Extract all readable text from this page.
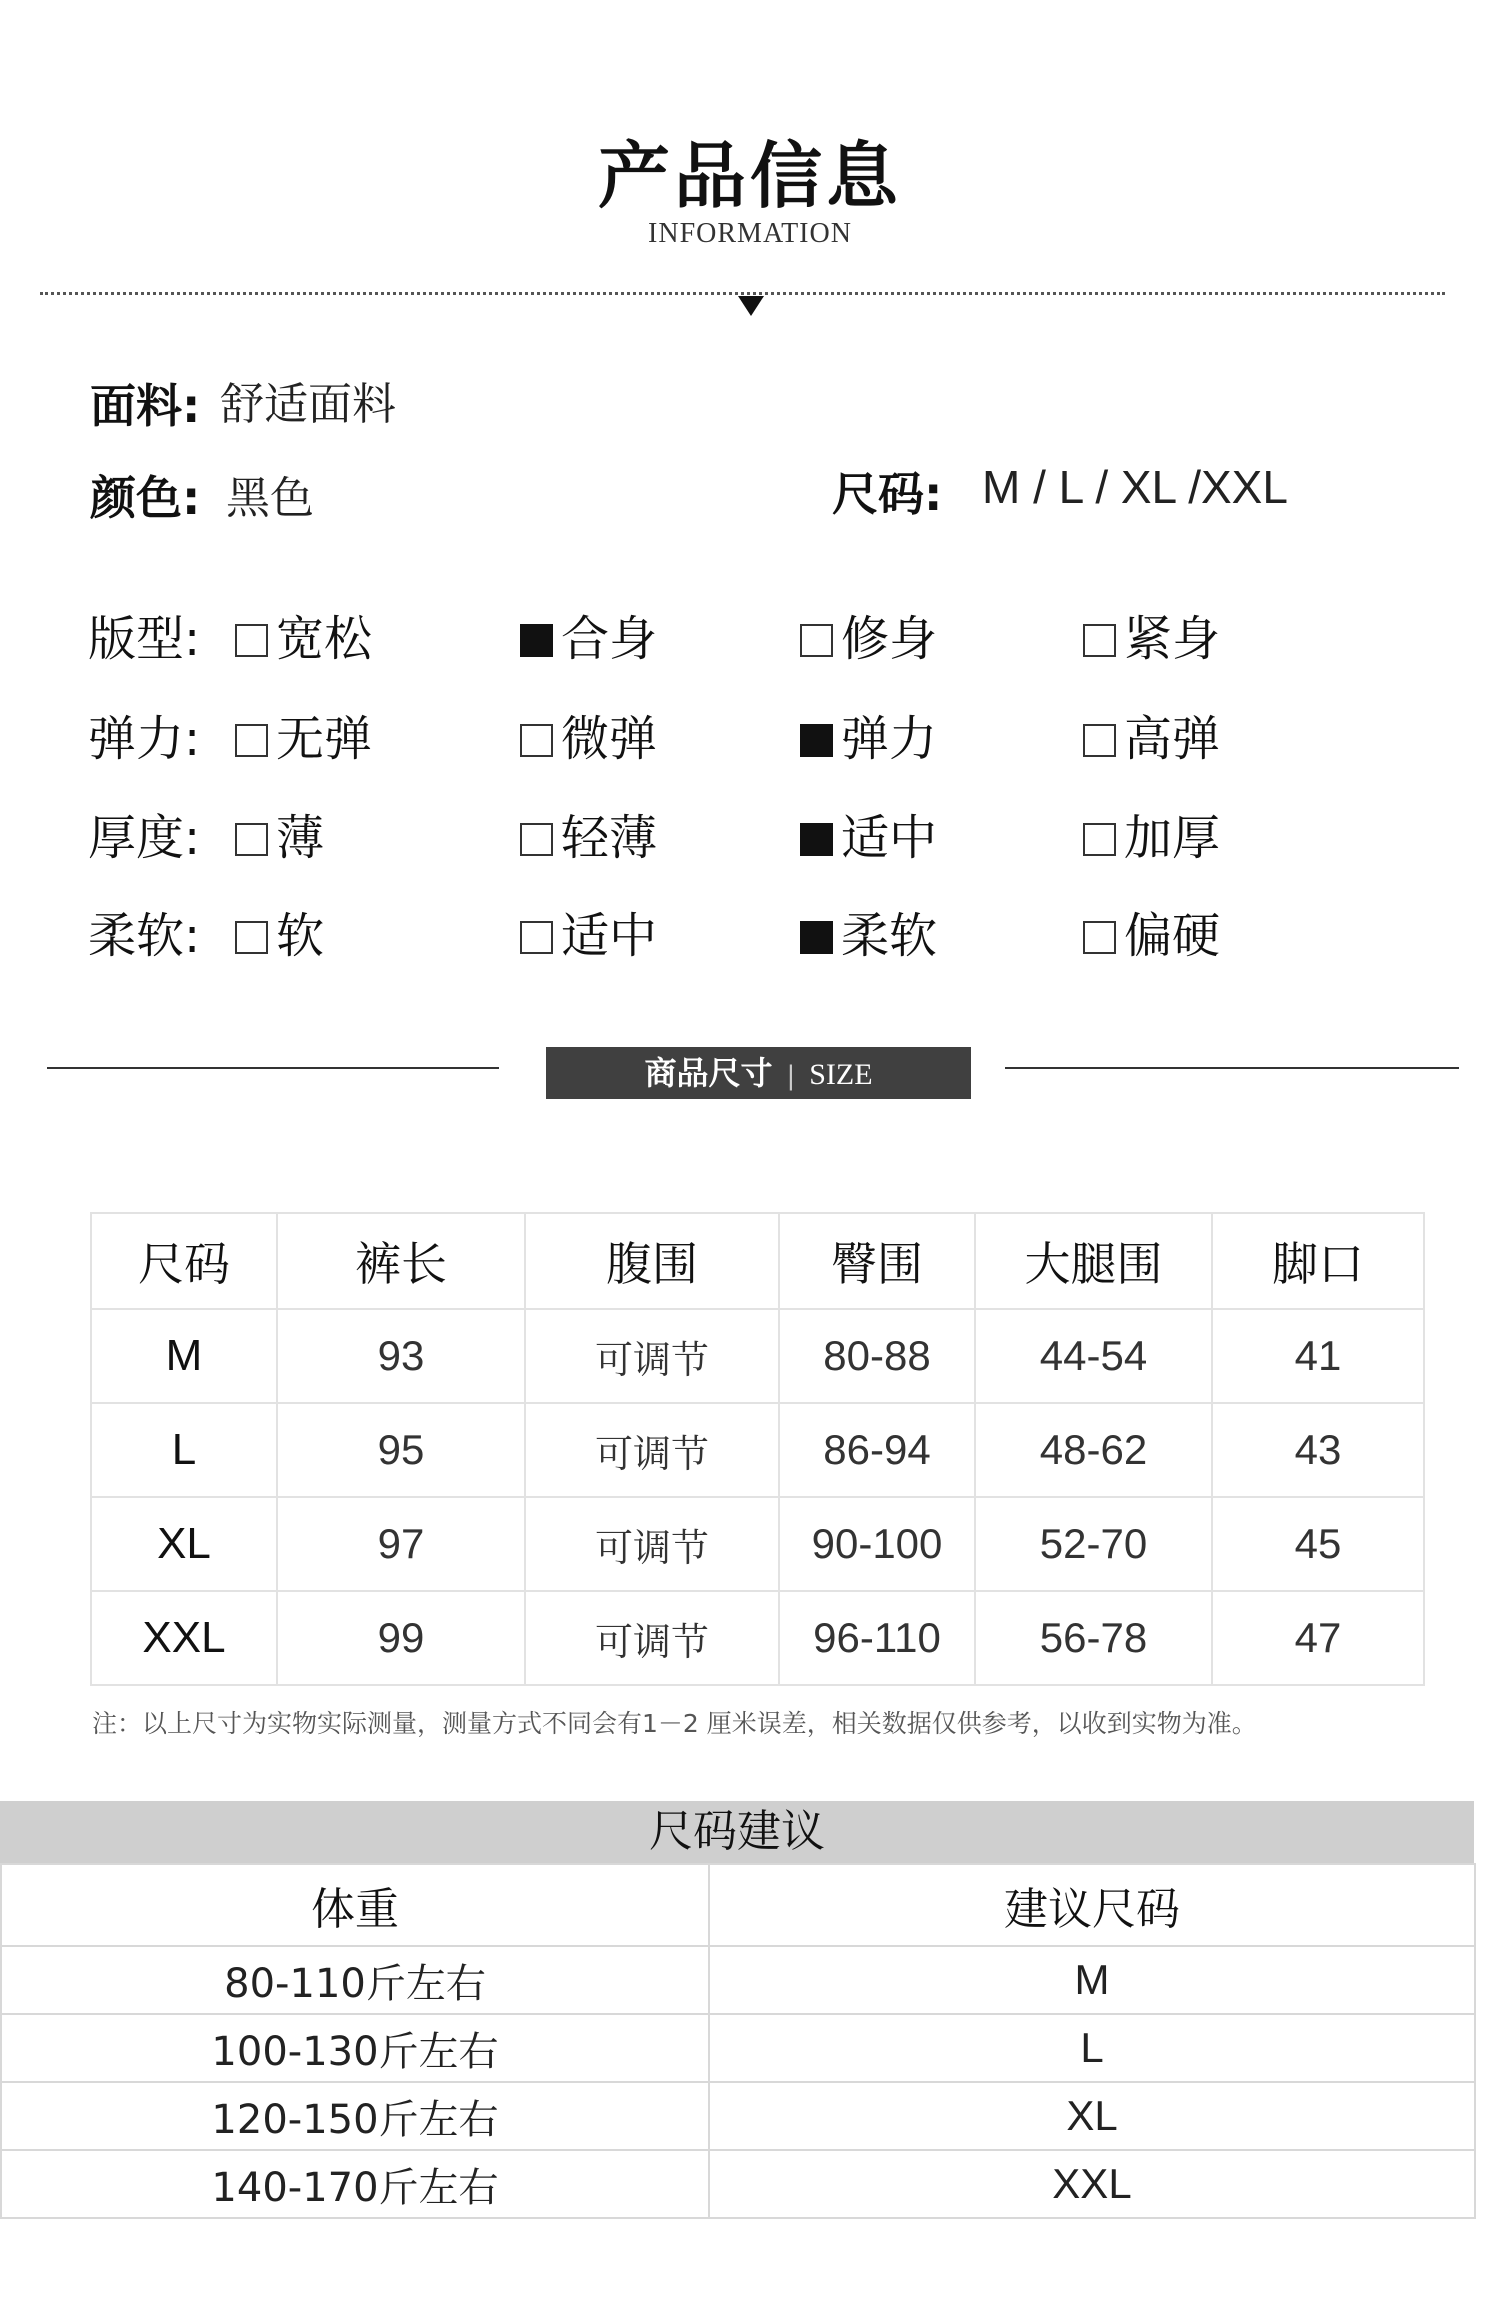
产品信息
INFORMATION
面料: 舒适面料
颜色: 黑色	尺码: M / L / XL /XXL
版型:	宽松	合身	修身	紧身
弹力:	无弹	微弹	弹力	高弹
厚度:	薄	轻薄	适中	加厚
柔软:	软	适中	柔软	偏硬
商品尺寸 | SIZE
尺码	裤长	腹围	臀围	大腿围	脚口
M	93	可调节	80-88	44-54	41
L	95	可调节	86-94	48-62	43
XL	97	可调节	90-100	52-70	45
XXL	99	可调节	96-110	56-78	47
注：以上尺寸为实物实际测量，测量方式不同会有1－2 厘米误差，相关数据仅供参考，以收到实物为准。
尺码建议
体重	建议尺码
80-110斤左右	M
100-130斤左右	L
120-150斤左右	XL
140-170斤左右	XXL
